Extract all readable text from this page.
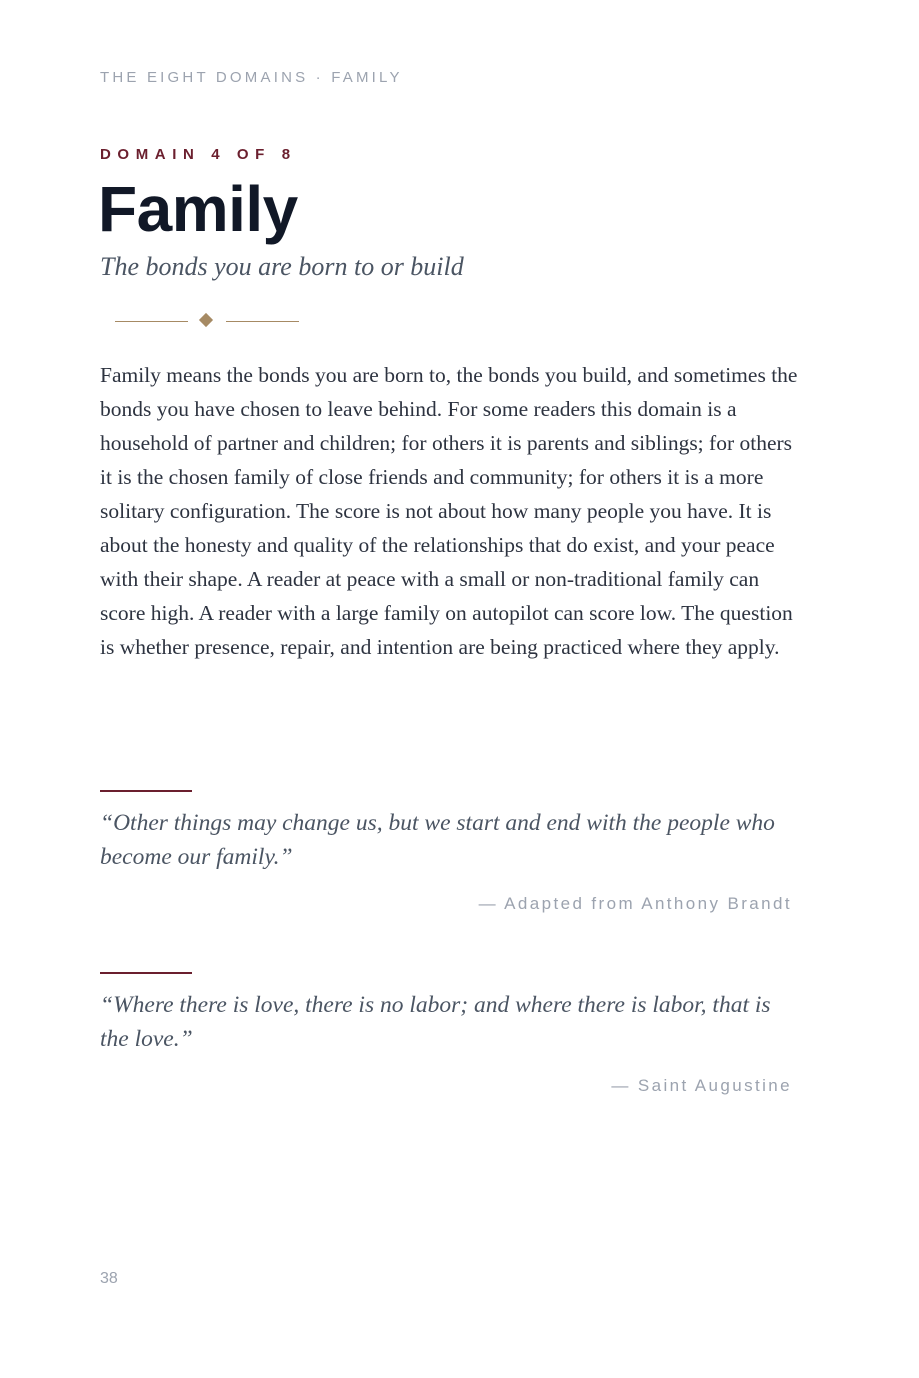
THE EIGHT DOMAINS · FAMILY
DOMAIN 4 OF 8
Family
The bonds you are born to or build

Family means the bonds you are born to, the bonds you build, and sometimes the bonds you have chosen to leave behind. For some readers this domain is a household of partner and children; for others it is parents and siblings; for others it is the chosen family of close friends and community; for others it is a more solitary configuration. The score is not about how many people you have. It is about the honesty and quality of the relationships that do exist, and your peace with their shape. A reader at peace with a small or non-traditional family can score high. A reader with a large family on autopilot can score low. The question is whether presence, repair, and intention are being practiced where they apply.

“Other things may change us, but we start and end with the people who become our family.”

— Adapted from Anthony Brandt

“Where there is love, there is no labor; and where there is labor, that is the love.”

— Saint Augustine
38
